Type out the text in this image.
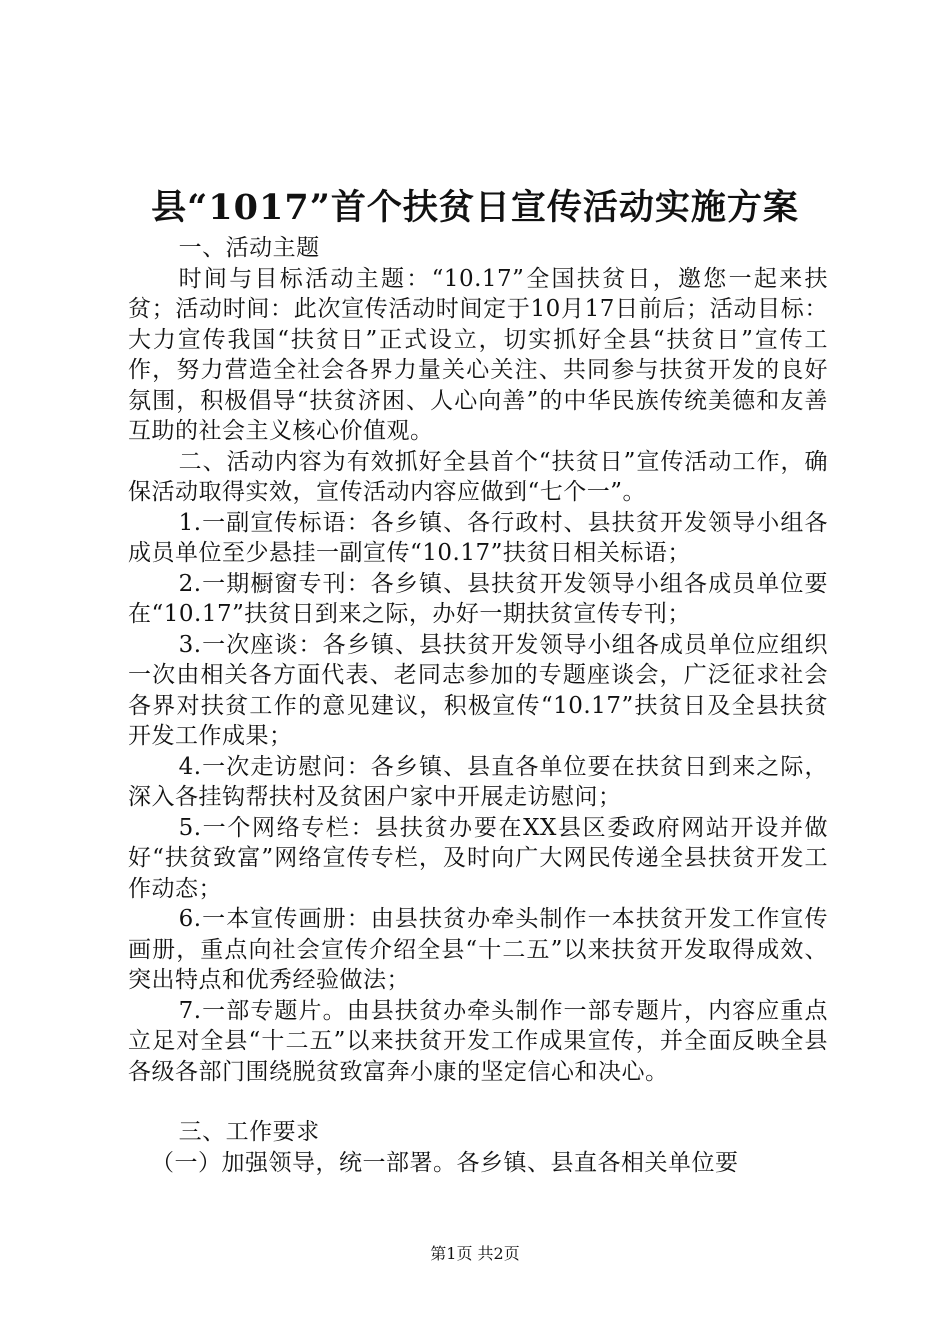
县“1017”首个扶贫日宣传活动实施方案

一、活动主题

时间与目标活动主题：“10.17”全国扶贫日，邀您一起来扶贫；活动时间：此次宣传活动时间定于10月17日前后；活动目标：大力宣传我国“扶贫日”正式设立，切实抓好全县“扶贫日”宣传工作，努力营造全社会各界力量关心关注、共同参与扶贫开发的良好氛围，积极倡导“扶贫济困、人心向善”的中华民族传统美德和友善互助的社会主义核心价值观。

二、活动内容为有效抓好全县首个“扶贫日”宣传活动工作，确保活动取得实效，宣传活动内容应做到“七个一”。

1.一副宣传标语：各乡镇、各行政村、县扶贫开发领导小组各成员单位至少悬挂一副宣传“10.17”扶贫日相关标语；

2.一期橱窗专刊：各乡镇、县扶贫开发领导小组各成员单位要在“10.17”扶贫日到来之际，办好一期扶贫宣传专刊；

3.一次座谈：各乡镇、县扶贫开发领导小组各成员单位应组织一次由相关各方面代表、老同志参加的专题座谈会，广泛征求社会各界对扶贫工作的意见建议，积极宣传“10.17”扶贫日及全县扶贫开发工作成果；

4.一次走访慰问：各乡镇、县直各单位要在扶贫日到来之际，深入各挂钩帮扶村及贫困户家中开展走访慰问；

5.一个网络专栏：县扶贫办要在XX县区委政府网站开设并做好“扶贫致富”网络宣传专栏，及时向广大网民传递全县扶贫开发工作动态；

6.一本宣传画册：由县扶贫办牵头制作一本扶贫开发工作宣传画册，重点向社会宣传介绍全县“十二五”以来扶贫开发取得成效、突出特点和优秀经验做法；

7.一部专题片。由县扶贫办牵头制作一部专题片，内容应重点立足对全县“十二五”以来扶贫开发工作成果宣传，并全面反映全县各级各部门围绕脱贫致富奔小康的坚定信心和决心。

三、工作要求

（一）加强领导，统一部署。各乡镇、县直各相关单位要

第1页 共2页
